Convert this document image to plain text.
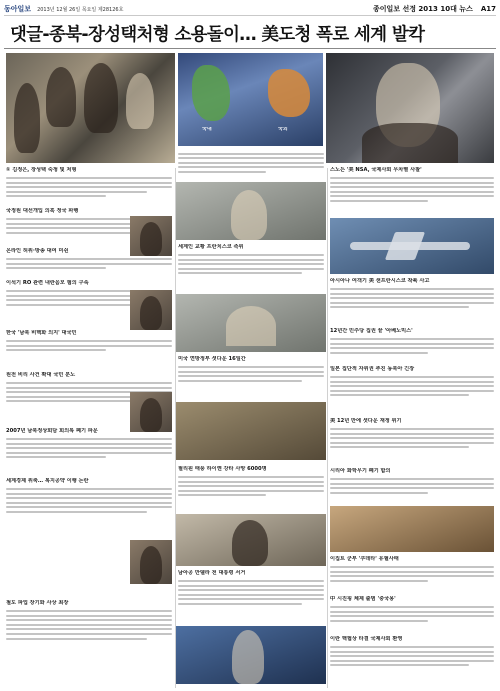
동아일보 2013년 12월 26일 목요일 제28126호	종이일보 선정 2013 10대 뉴스 A17
댓글-종북-장성택처형 소용돌이… 美도청 폭로 세계 발칵
국내	국외
① 김정은, 장성택 숙청 및 처형
국정원 대선개입 의혹 정국 파행
온라인 허위·방송 대여 미쉰
이석기 RO 관련 내란음모 혐의 구속
한국 '남북 비핵화 의지' 대국민
원전 비리 사건 확대 국민 분노
2007년 남북정상회담 회의록 폐기 파문
세계경제 위축… 복지공약 이행 논란
철도 파업 장기화 사상 최장
세계인 교황 프란치스코 즉위
미국 연방정부 셧다운 16일간
필리핀 태풍 하이옌 강타 사망 6000명
남아공 만델라 전 대통령 서거
스노든 '美 NSA, 국제사회 무차별 사찰'
아시아나 여객기 美 샌프란시스코 착륙 사고
12년간 민주당 집권 끝 '아베노믹스'
일본 집단적 자위권 추진 동북아 긴장
美 12년 만에 셧다운 재정 위기
시리아 화학무기 폐기 합의
이집트 군부 '쿠데타' 유혈사태
中 시진핑 체제 출범 '중국몽'
이란 핵협상 타결 국제사회 환영
